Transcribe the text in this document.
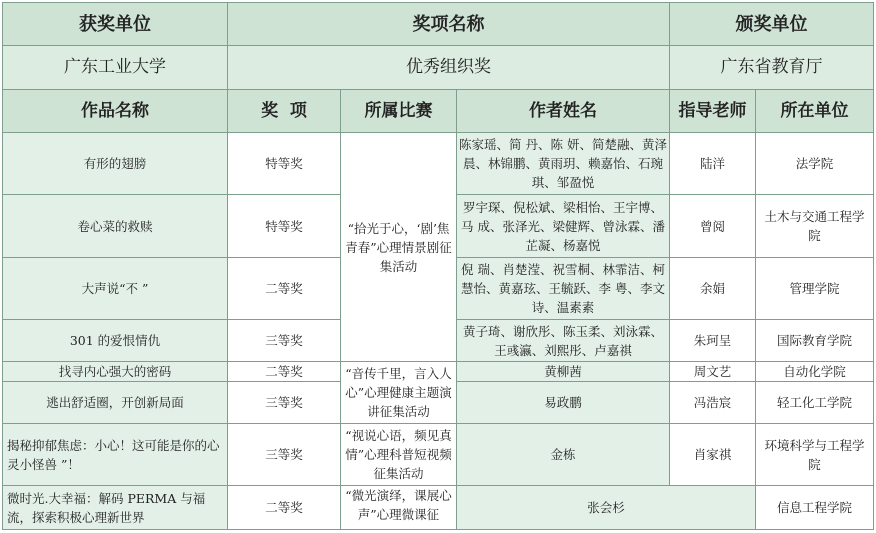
获奖单位	奖项名称			颁奖单位	
广东工业大学	优秀组织奖			广东省教育厅	
作品名称	奖  项	所属比赛	作者姓名	指导老师	所在单位
有形的翅膀	特等奖	“拾光于心，‘剧’焦青春”心理情景剧征集活动	陈家瑶、简 丹、陈 妍、简楚融、黄泽晨、林锦鹏、黄雨玥、赖嘉怡、石琬琪、邹盈悦	陆洋	法学院
卷心菜的救赎	特等奖		罗宇琛、倪松斌、梁相怡、王宇博、马 成、张泽光、梁健辉、曾泳霖、潘芷凝、杨嘉悦	曾阅	土木与交通工程学院
大声说“不 ”	二等奖		倪 瑞、肖楚滢、祝雪桐、林霏洁、柯慧怡、黄嘉玹、王毓跃、李 粤、李文诗、温素素	余娟	管理学院
301 的爱恨情仇	三等奖		黄子琦、谢欣彤、陈玉柔、刘泳霖、王彧瀛、刘熙彤、卢嘉祺	朱珂呈	国际教育学院
找寻内心强大的密码	二等奖	“音传千里，言入人心”心理健康主题演讲征集活动	黄柳茜	周文艺	自动化学院
逃出舒适圈，开创新局面	三等奖		易政鹏	冯浩宸	轻工化工学院
揭秘抑郁焦虑：小心！这可能是你的心灵小怪兽 ”！	三等奖	“视说心语，频见真情”心理科普短视频征集活动	金栋	肖家祺	环境科学与工程学院
微时光.大幸福：解码 PERMA 与福流，探索积极心理新世界	二等奖	“微光演绎，课展心声”心理微课征	张会杉		信息工程学院
